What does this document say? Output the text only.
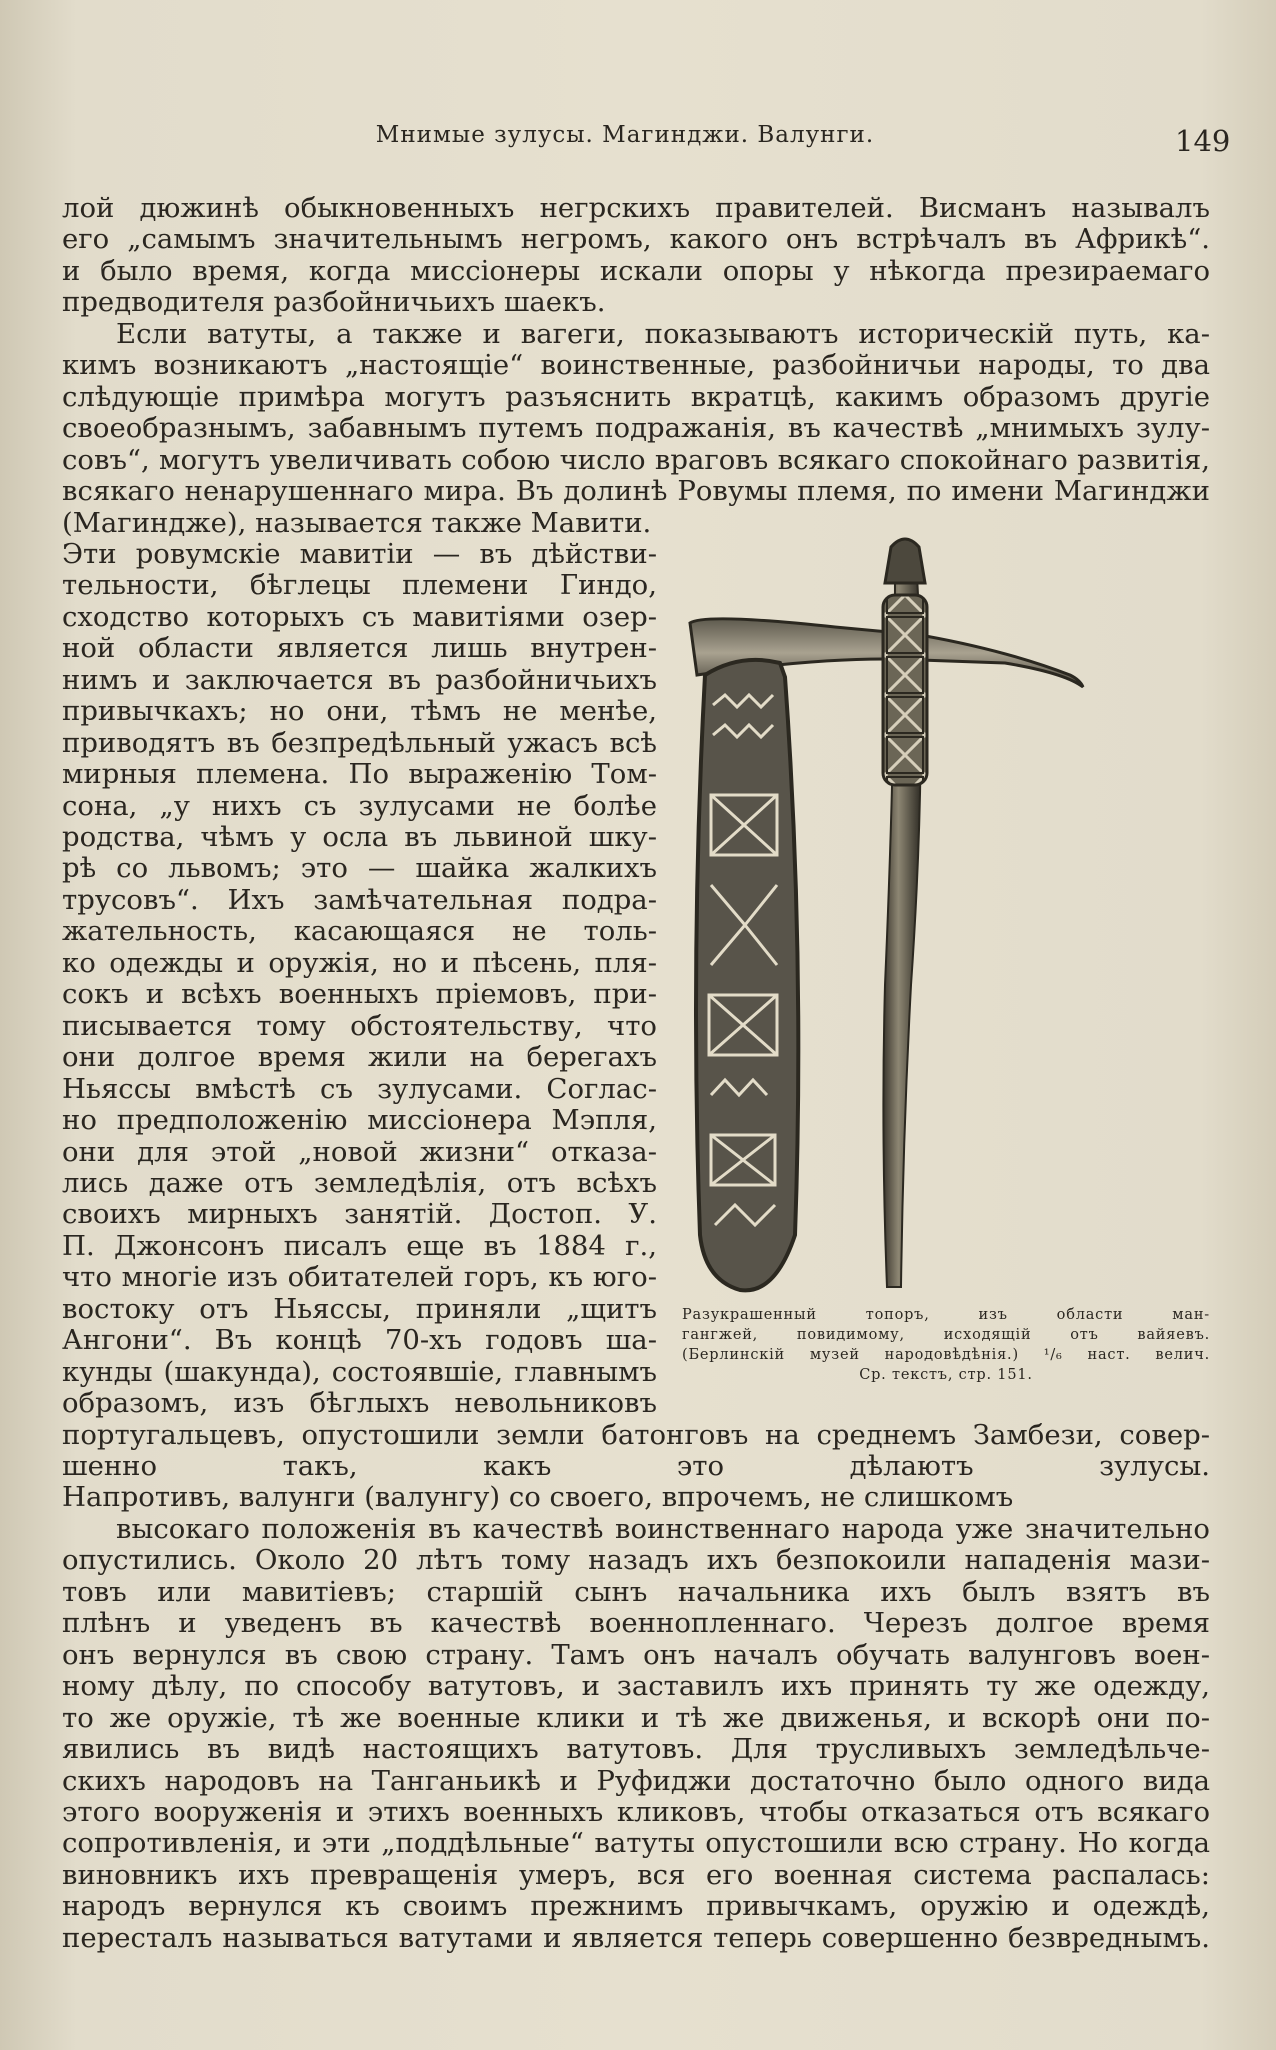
Мнимые зулусы. Магинджи. Валунги.	149
лой дюжинѣ обыкновенныхъ негрскихъ правителей. Висманъ называлъ
его „самымъ значительнымъ негромъ, какого онъ встрѣчалъ въ Африкѣ“.
и было время, когда миссіонеры искали опоры у нѣкогда презираемаго
предводителя разбойничьихъ шаекъ.
Если ватуты, а также и вагеги, показываютъ историческій путь, ка-
кимъ возникаютъ „настоящіе“ воинственные, разбойничьи народы, то два
слѣдующіе примѣра могутъ разъяснить вкратцѣ, какимъ образомъ другіе
своеобразнымъ, забавнымъ путемъ подражанія, въ качествѣ „мнимыхъ зулу-
совъ“, могутъ увеличивать собою число враговъ всякаго спокойнаго развитія,
всякаго ненарушеннаго мира. Въ долинѣ Ровумы племя, по имени Магинджи
(Магиндже), называется также Мавити.
Эти ровумскіе мавитіи — въ дѣйстви-
тельности, бѣглецы племени Гиндо,
сходство которыхъ съ мавитіями озер-
ной области является лишь внутрен-
нимъ и заключается въ разбойничьихъ
привычкахъ; но они, тѣмъ не менѣе,
приводятъ въ безпредѣльный ужасъ всѣ
мирныя племена. По выраженію Том-
сона, „у нихъ съ зулусами не болѣе
родства, чѣмъ у осла въ львиной шку-
рѣ со львомъ; это — шайка жалкихъ
трусовъ“. Ихъ замѣчательная подра-
жательность, касающаяся не толь-
ко одежды и оружія, но и пѣсень, пля-
сокъ и всѣхъ военныхъ пріемовъ, при-
писывается тому обстоятельству, что
они долгое время жили на берегахъ
Ньяссы вмѣстѣ съ зулусами. Соглас-
но предположенію миссіонера Мэпля,
они для этой „новой жизни“ отказа-
лись даже отъ земледѣлія, отъ всѣхъ
своихъ мирныхъ занятій. Достоп. У.
П. Джонсонъ писалъ еще въ 1884 г.,
что многіе изъ обитателей горъ, къ юго-
востоку отъ Ньяссы, приняли „щитъ
Ангони“. Въ концѣ 70-хъ годовъ ша-
кунды (шакунда), состоявшіе, главнымъ
образомъ, изъ бѣглыхъ невольниковъ
португальцевъ, опустошили земли батонговъ на среднемъ Замбези, совер-
шенно такъ, какъ это дѣлаютъ зулусы.
Напротивъ, валунги (валунгу) со своего, впрочемъ, не слишкомъ
высокаго положенія въ качествѣ воинственнаго народа уже значительно
опустились. Около 20 лѣтъ тому назадъ ихъ безпокоили нападенія мази-
товъ или мавитіевъ; старшій сынъ начальника ихъ былъ взятъ въ
плѣнъ и уведенъ въ качествѣ военнопленнаго. Черезъ долгое время
онъ вернулся въ свою страну. Тамъ онъ началъ обучать валунговъ воен-
ному дѣлу, по способу ватутовъ, и заставилъ ихъ принять ту же одежду,
то же оружіе, тѣ же военные клики и тѣ же движенья, и вскорѣ они по-
явились въ видѣ настоящихъ ватутовъ. Для трусливыхъ земледѣльче-
скихъ народовъ на Танганьикѣ и Руфиджи достаточно было одного вида
этого вооруженія и этихъ военныхъ кликовъ, чтобы отказаться отъ всякаго
сопротивленія, и эти „поддѣльные“ ватуты опустошили всю страну. Но когда
виновникъ ихъ превращенія умеръ, вся его военная система распалась:
народъ вернулся къ своимъ прежнимъ привычкамъ, оружію и одеждѣ,
пересталъ называться ватутами и является теперь совершенно безвреднымъ.
Разукрашенный топоръ, изъ области ман-
гангжей, повидимому, исходящій отъ вайяевъ.
(Берлинскій музей народовѣдѣнія.) ¹/₆ наст. велич.
Ср. текстъ, стр. 151.
